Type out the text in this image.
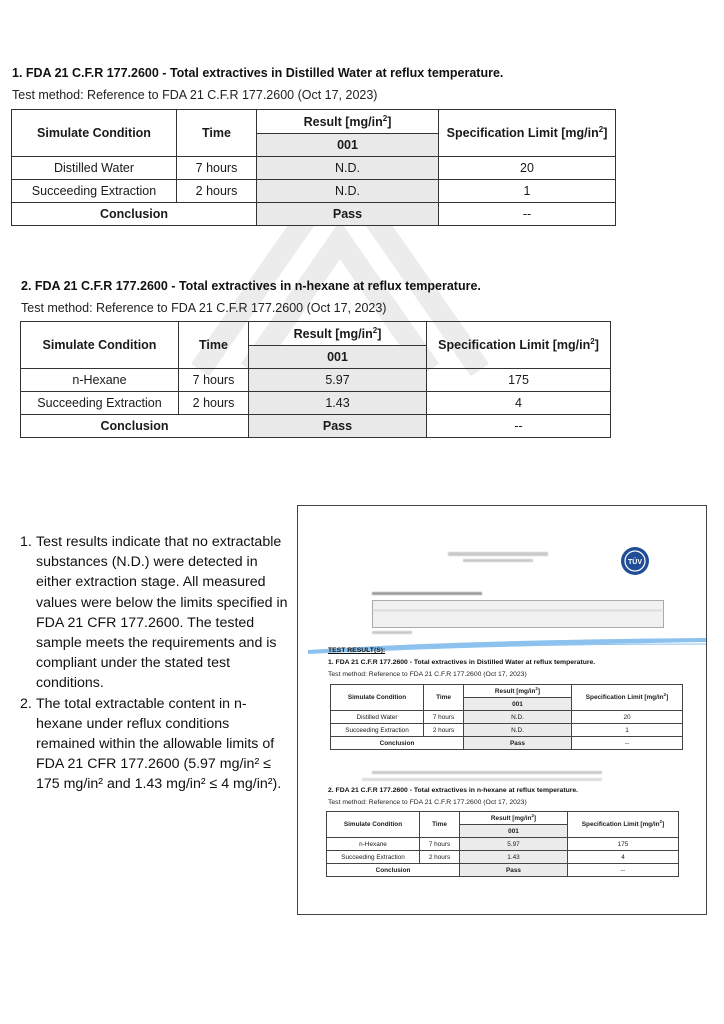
1. FDA 21 C.F.R 177.2600 - Total extractives in Distilled Water at reflux temperature.
Test method: Reference to FDA 21 C.F.R 177.2600 (Oct 17, 2023)
Simulate Condition	Time	Result $[mg/in^2]$	Specification Limit $[mg/in^2]$
		001	
Distilled Water	7 hours	N.D.	20
Succeeding Extraction	2 hours	N.D.	1
Conclusion		Pass	--
2. FDA 21 C.F.R 177.2600 - Total extractives in n-hexane at reflux temperature.
Test method: Reference to FDA 21 C.F.R 177.2600 (Oct 17, 2023)
Simulate Condition	Time	Result $[mg/in^2]$	Specification Limit $[mg/in^2]$
		001	
n-Hexane	7 hours	5.97	175
Succeeding Extraction	2 hours	1.43	4
Conclusion		Pass	--
1. Test results indicate that no extractable substances (N.D.) were detected in either extraction stage. All measured values were below the limits specified in FDA 21 CFR 177.2600. The tested sample meets the requirements and is compliant under the stated test conditions.
2. The total extractable content in n-hexane under reflux conditions remained within the allowable limits of FDA 21 CFR 177.2600 (5.97 mg/in² ≤ 175 mg/in² and 1.43 mg/in² ≤ 4 mg/in²).
TÜV
TEST RESULT(S):
1. FDA 21 C.F.R 177.2600 - Total extractives in Distilled Water at reflux temperature.
Test method: Reference to FDA 21 C.F.R 177.2600 (Oct 17, 2023)
Simulate Condition	Time	Result $[mg/in^2]$	Specification Limit $[mg/in^2]$
		001	
Distilled Water	7 hours	N.D.	20
Succeeding Extraction	2 hours	N.D.	1
Conclusion		Pass	--
2. FDA 21 C.F.R 177.2600 - Total extractives in n-hexane at reflux temperature.
Test method: Reference to FDA 21 C.F.R 177.2600 (Oct 17, 2023)
Simulate Condition	Time	Result $[mg/in^2]$	Specification Limit $[mg/in^2]$
		001	
n-Hexane	7 hours	5.97	175
Succeeding Extraction	2 hours	1.43	4
Conclusion		Pass	--
